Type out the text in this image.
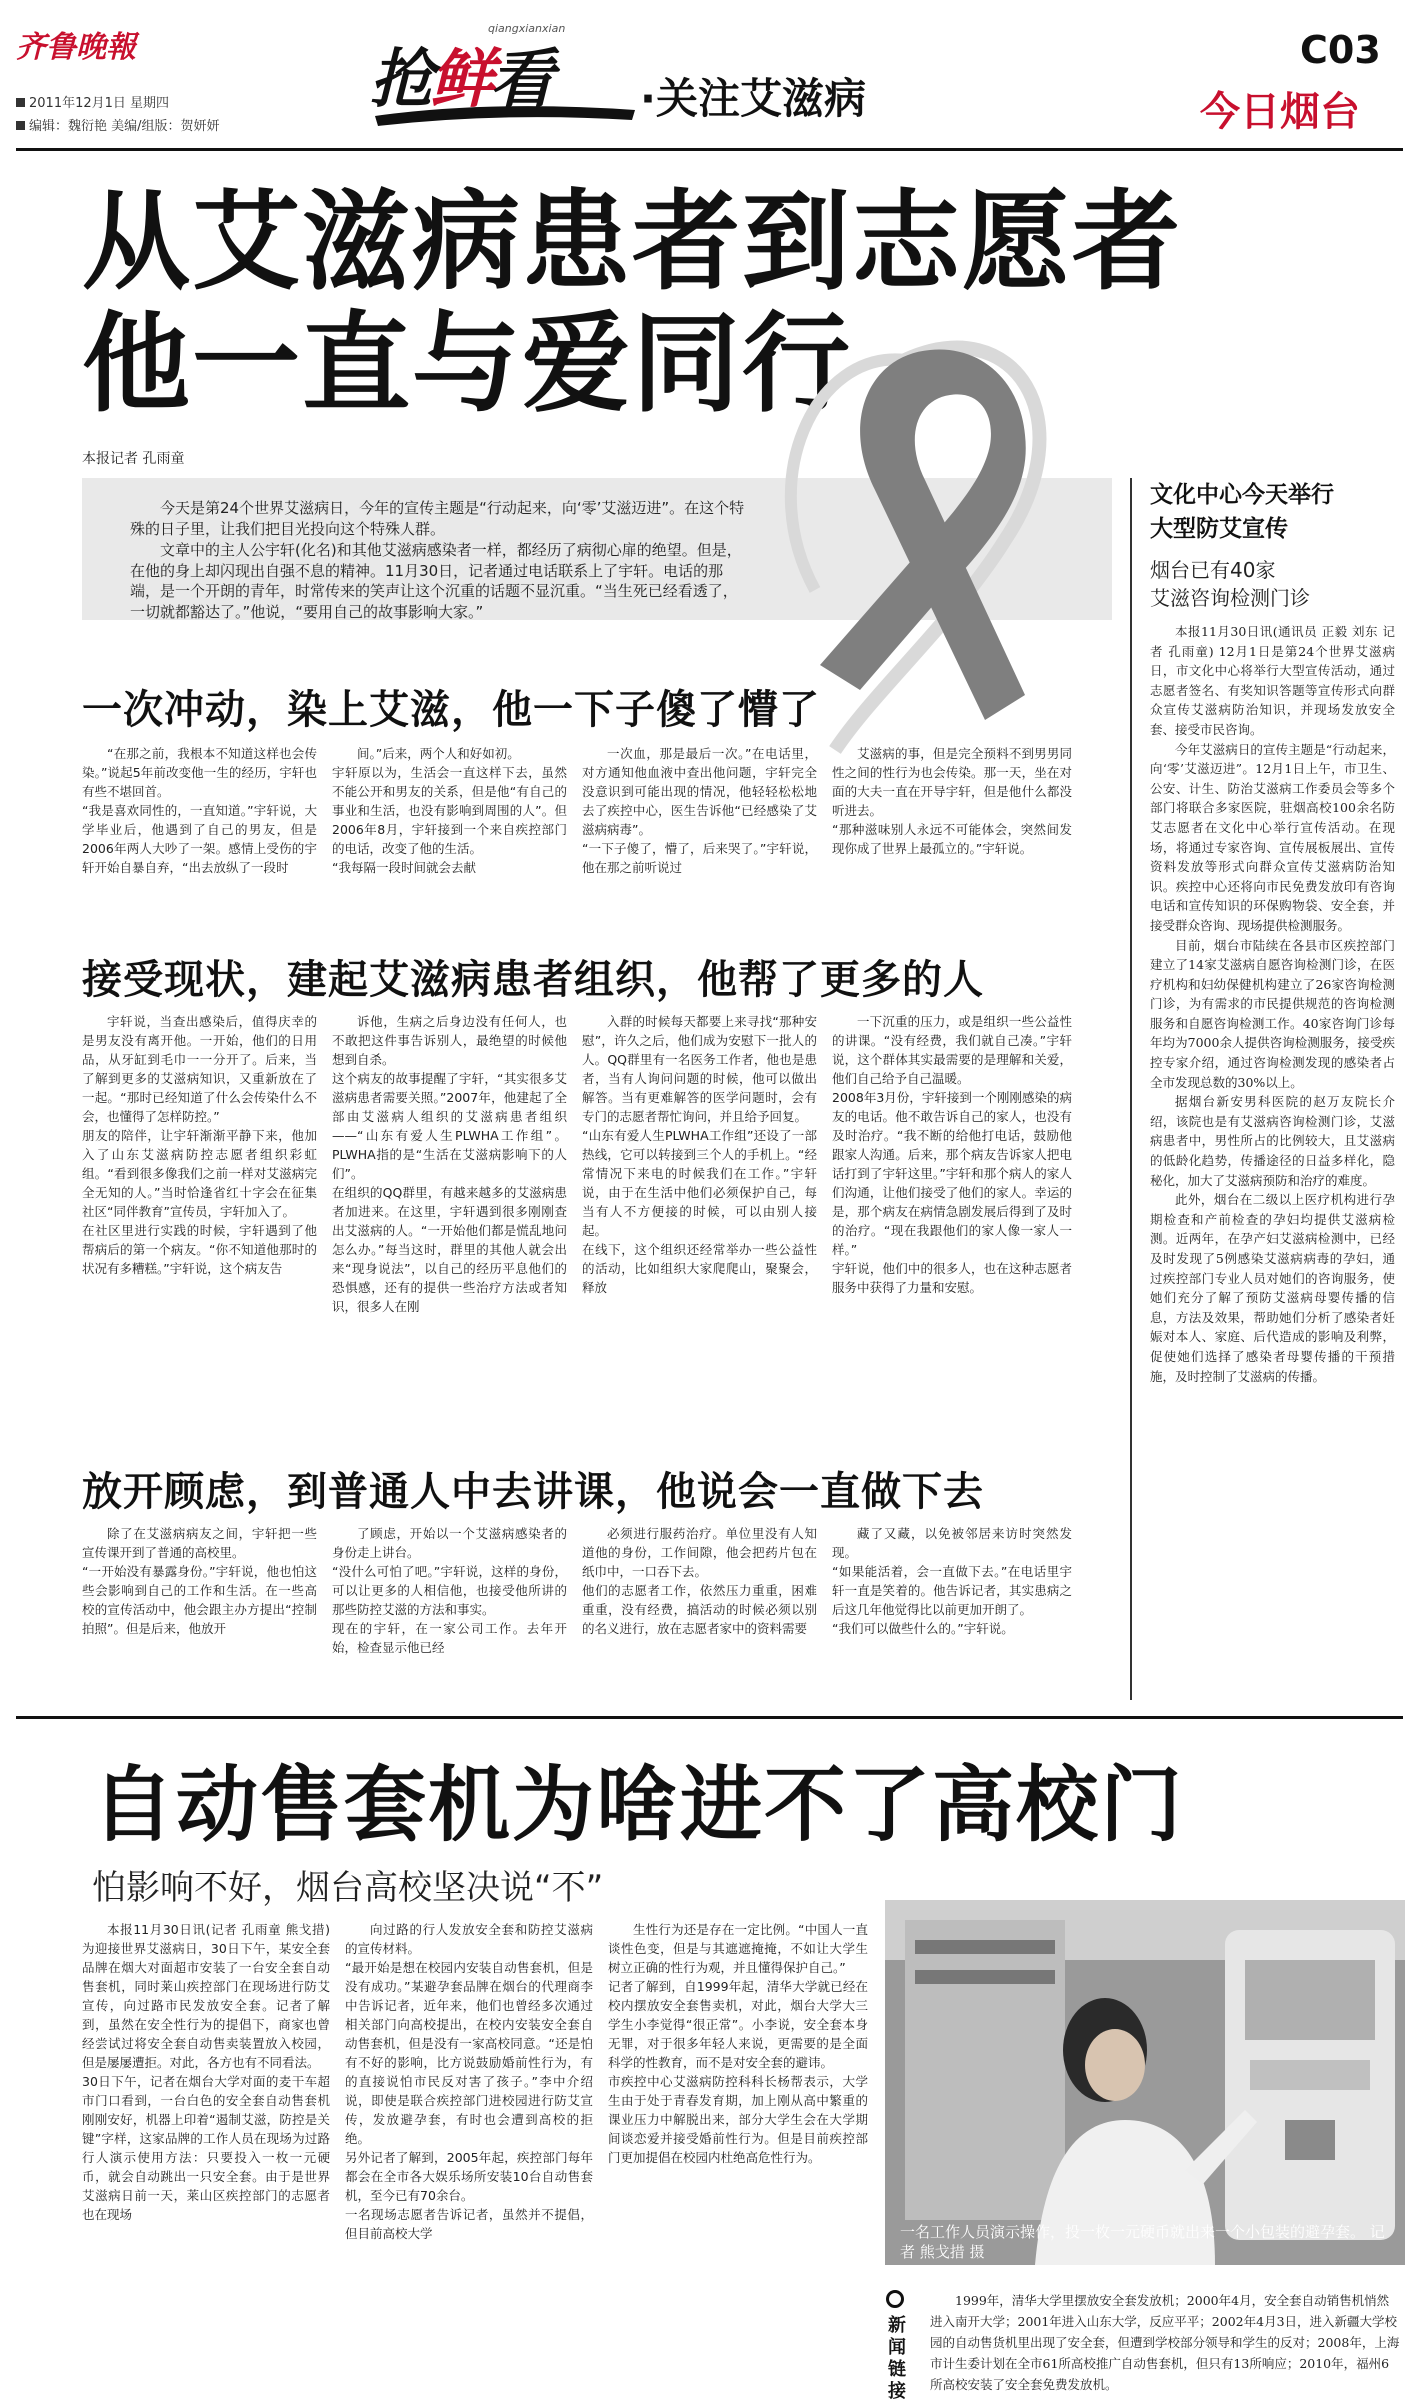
齐鲁晚報
2011年12月1日 星期四
编辑：魏衍艳 美编/组版：贺妍妍
抢鲜看
qiangxianxian
·关注艾滋病
C03
今日烟台
从艾滋病患者到志愿者
他一直与爱同行
本报记者 孔雨童

今天是第24个世界艾滋病日，今年的宣传主题是“行动起来，向‘零’艾滋迈进”。在这个特殊的日子里，让我们把目光投向这个特殊人群。

文章中的主人公宇轩(化名)和其他艾滋病感染者一样，都经历了病彻心扉的绝望。但是，在他的身上却闪现出自强不息的精神。11月30日，记者通过电话联系上了宇轩。电话的那端，是一个开朗的青年，时常传来的笑声让这个沉重的话题不显沉重。“当生死已经看透了，一切就都豁达了。”他说，“要用自己的故事影响大家。”

一次冲动，染上艾滋，他一下子傻了懵了

“在那之前，我根本不知道这样也会传染。”说起5年前改变他一生的经历，宇轩也有些不堪回首。
“我是喜欢同性的，一直知道。”宇轩说，大学毕业后，他遇到了自己的男友，但是2006年两人大吵了一架。感情上受伤的宇轩开始自暴自弃，“出去放纵了一段时

间。”后来，两个人和好如初。
宇轩原以为，生活会一直这样下去，虽然不能公开和男友的关系，但是他“有自己的事业和生活，也没有影响到周围的人”。但2006年8月，宇轩接到一个来自疾控部门的电话，改变了他的生活。
“我每隔一段时间就会去献

一次血，那是最后一次。”在电话里，对方通知他血液中查出他问题，宇轩完全没意识到可能出现的情况，他轻轻松松地去了疾控中心，医生告诉他“已经感染了艾滋病病毒”。
“一下子傻了，懵了，后来哭了。”宇轩说，他在那之前听说过

艾滋病的事，但是完全预料不到男男同性之间的性行为也会传染。那一天，坐在对面的大夫一直在开导宇轩，但是他什么都没听进去。
“那种滋味别人永远不可能体会，突然间发现你成了世界上最孤立的。”宇轩说。

接受现状，建起艾滋病患者组织，他帮了更多的人

宇轩说，当查出感染后，值得庆幸的是男友没有离开他。一开始，他们的日用品，从牙缸到毛巾一一分开了。后来，当了解到更多的艾滋病知识，又重新放在了一起。“那时已经知道了什么会传染什么不会，也懂得了怎样防控。”
朋友的陪伴，让宇轩渐渐平静下来，他加入了山东艾滋病防控志愿者组织彩虹组。“看到很多像我们之前一样对艾滋病完全无知的人。”当时恰逢省红十字会在征集社区“同伴教育”宣传员，宇轩加入了。
在社区里进行实践的时候，宇轩遇到了他帮病后的第一个病友。“你不知道他那时的状况有多糟糕。”宇轩说，这个病友告

诉他，生病之后身边没有任何人，也不敢把这件事告诉别人，最绝望的时候他想到自杀。
这个病友的故事提醒了宇轩，“其实很多艾滋病患者需要关照。”2007年，他建起了全部由艾滋病人组织的艾滋病患者组织——“山东有爱人生PLWHA工作组”。PLWHA指的是“生活在艾滋病影响下的人们”。
在组织的QQ群里，有越来越多的艾滋病患者加进来。在这里，宇轩遇到很多刚刚查出艾滋病的人。“一开始他们都是慌乱地问怎么办。”每当这时，群里的其他人就会出来“现身说法”，以自己的经历平息他们的恐惧感，还有的提供一些治疗方法或者知识，很多人在刚

入群的时候每天都要上来寻找“那种安慰”，许久之后，他们成为安慰下一批人的人。QQ群里有一名医务工作者，他也是患者，当有人询问问题的时候，他可以做出解答。当有更难解答的医学问题时，会有专门的志愿者帮忙询问，并且给予回复。
“山东有爱人生PLWHA工作组”还设了一部热线，它可以转接到三个人的手机上。“经常情况下来电的时候我们在工作。”宇轩说，由于在生活中他们必须保护自己，每当有人不方便接的时候，可以由别人接起。
在线下，这个组织还经常举办一些公益性的活动，比如组织大家爬爬山，聚聚会，释放

一下沉重的压力，或是组织一些公益性的讲课。“没有经费，我们就自己凑。”宇轩说，这个群体其实最需要的是理解和关爱，他们自己给予自己温暖。
2008年3月份，宇轩接到一个刚刚感染的病友的电话。他不敢告诉自己的家人，也没有及时治疗。“我不断的给他打电话，鼓励他跟家人沟通。后来，那个病友告诉家人把电话打到了宇轩这里。”宇轩和那个病人的家人们沟通，让他们接受了他们的家人。幸运的是，那个病友在病情急剧发展后得到了及时的治疗。“现在我跟他们的家人像一家人一样。”
宇轩说，他们中的很多人，也在这种志愿者服务中获得了力量和安慰。

放开顾虑，到普通人中去讲课，他说会一直做下去

除了在艾滋病病友之间，宇轩把一些宣传课开到了普通的高校里。
“一开始没有暴露身份。”宇轩说，他也怕这些会影响到自己的工作和生活。在一些高校的宣传活动中，他会跟主办方提出“控制拍照”。但是后来，他放开

了顾虑，开始以一个艾滋病感染者的身份走上讲台。
“没什么可怕了吧。”宇轩说，这样的身份，可以让更多的人相信他，也接受他所讲的那些防控艾滋的方法和事实。
现在的宇轩，在一家公司工作。去年开始，检查显示他已经

必须进行服药治疗。单位里没有人知道他的身份，工作间隙，他会把药片包在纸巾中，一口吞下去。
他们的志愿者工作，依然压力重重，困难重重，没有经费，搞活动的时候必须以别的名义进行，放在志愿者家中的资料需要

藏了又藏，以免被邻居来访时突然发现。
“如果能活着，会一直做下去。”在电话里宇轩一直是笑着的。他告诉记者，其实患病之后这几年他觉得比以前更加开朗了。
“我们可以做些什么的。”宇轩说。

文化中心今天举行
大型防艾宣传
烟台已有40家
艾滋咨询检测门诊

本报11月30日讯(通讯员 正毅 刘东 记者 孔雨童) 12月1日是第24个世界艾滋病日，市文化中心将举行大型宣传活动，通过志愿者签名、有奖知识答题等宣传形式向群众宣传艾滋病防治知识，并现场发放安全套、接受市民咨询。

今年艾滋病日的宣传主题是“行动起来，向‘零’艾滋迈进”。12月1日上午，市卫生、公安、计生、防治艾滋病工作委员会等多个部门将联合多家医院，驻烟高校100余名防艾志愿者在文化中心举行宣传活动。在现场，将通过专家咨询、宣传展板展出、宣传资料发放等形式向群众宣传艾滋病防治知识。疾控中心还将向市民免费发放印有咨询电话和宣传知识的环保购物袋、安全套，并接受群众咨询、现场提供检测服务。

目前，烟台市陆续在各县市区疾控部门建立了14家艾滋病自愿咨询检测门诊，在医疗机构和妇幼保健机构建立了26家咨询检测门诊，为有需求的市民提供规范的咨询检测服务和自愿咨询检测工作。40家咨询门诊每年均为7000余人提供咨询检测服务，接受疾控专家介绍，通过咨询检测发现的感染者占全市发现总数的30%以上。

据烟台新安男科医院的赵万友院长介绍，该院也是有艾滋病咨询检测门诊，艾滋病患者中，男性所占的比例较大，且艾滋病的低龄化趋势，传播途径的日益多样化，隐秘化，加大了艾滋病预防和治疗的难度。

此外，烟台在二级以上医疗机构进行孕期检查和产前检查的孕妇均提供艾滋病检测。近两年，在孕产妇艾滋病检测中，已经及时发现了5例感染艾滋病病毒的孕妇，通过疾控部门专业人员对她们的咨询服务，使她们充分了解了预防艾滋病母婴传播的信息，方法及效果，帮助她们分析了感染者妊娠对本人、家庭、后代造成的影响及利弊，促使她们选择了感染者母婴传播的干预措施，及时控制了艾滋病的传播。

自动售套机为啥进不了高校门
怕影响不好，烟台高校坚决说“不”

本报11月30日讯(记者 孔雨童 熊戈措) 为迎接世界艾滋病日，30日下午，某安全套品牌在烟大对面超市安装了一台安全套自动售套机，同时莱山疾控部门在现场进行防艾宣传，向过路市民发放安全套。记者了解到，虽然在安全性行为的提倡下，商家也曾经尝试过将安全套自动售卖装置放入校园，但是屡屡遭拒。对此，各方也有不同看法。
30日下午，记者在烟台大学对面的麦干车超市门口看到，一台白色的安全套自动售套机刚刚安好，机器上印着“遏制艾滋，防控是关键”字样，这家品牌的工作人员在现场为过路行人演示使用方法：只要投入一枚一元硬币，就会自动跳出一只安全套。由于是世界艾滋病日前一天，莱山区疾控部门的志愿者也在现场

向过路的行人发放安全套和防控艾滋病的宣传材料。
“最开始是想在校园内安装自动售套机，但是没有成功。”某避孕套品牌在烟台的代理商李中告诉记者，近年来，他们也曾经多次通过相关部门向高校提出，在校内安装安全套自动售套机，但是没有一家高校同意。“还是怕有不好的影响，比方说鼓励婚前性行为，有的直接说怕市民反对害了孩子。”李中介绍说，即使是联合疾控部门进校园进行防艾宣传，发放避孕套，有时也会遭到高校的拒绝。
另外记者了解到，2005年起，疾控部门每年都会在全市各大娱乐场所安装10台自动售套机，至今已有70余台。
一名现场志愿者告诉记者，虽然并不提倡，但目前高校大学

生性行为还是存在一定比例。“中国人一直谈性色变，但是与其遮遮掩掩，不如让大学生树立正确的性行为观，并且懂得保护自己。”
记者了解到，自1999年起，清华大学就已经在校内摆放安全套售卖机，对此，烟台大学大三学生小李觉得“很正常”。小李说，安全套本身无罪，对于很多年轻人来说，更需要的是全面科学的性教育，而不是对安全套的避讳。
市疾控中心艾滋病防控科科长杨帮表示，大学生由于处于青春发育期，加上刚从高中繁重的课业压力中解脱出来，部分大学生会在大学期间谈恋爱并接受婚前性行为。但是目前疾控部门更加提倡在校园内杜绝高危性行为。

一名工作人员演示操作，投一枚一元硬币就出来一个小包装的避孕套。 记者 熊戈措 摄
新闻链接
1999年，清华大学里摆放安全套发放机；2000年4月，安全套自动销售机悄然进入南开大学；2001年进入山东大学，反应平平；2002年4月3日，进入新疆大学校园的自动售货机里出现了安全套，但遭到学校部分领导和学生的反对；2008年，上海市计生委计划在全市61所高校推广自动售套机，但只有13所响应；2010年，福州6所高校安装了安全套免费发放机。
